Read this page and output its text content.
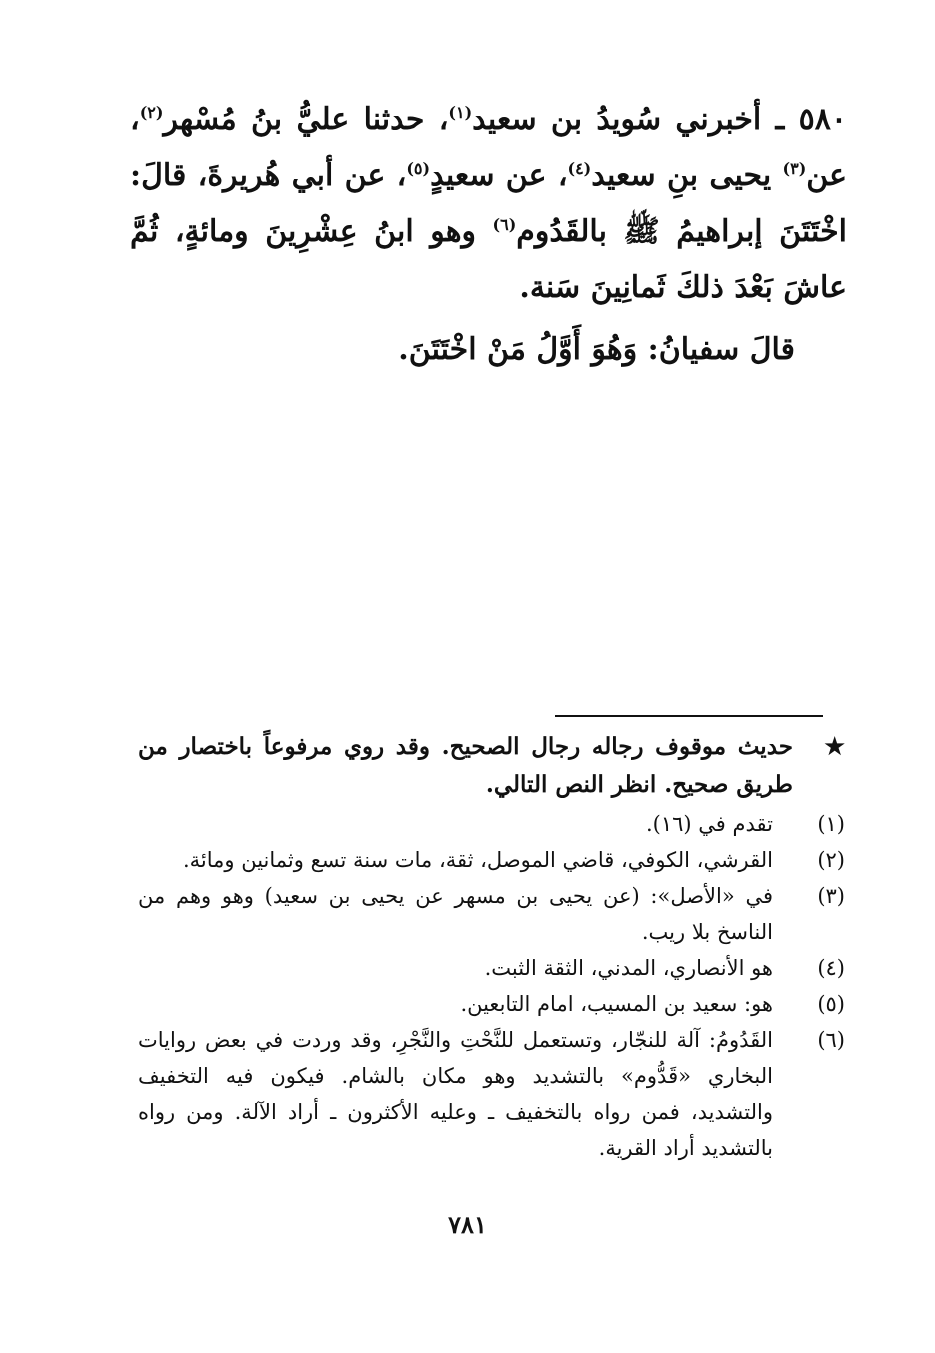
٥٨٠ ـ أخبرني سُويدُ بن سعيد$^{(١)}$، حدثنا عليُّ بنُ مُسْهر$^{(٢)}$، عن$^{(٣)}$ يحيى بنِ سعيد$^{(٤)}$، عن سعيدٍ$^{(٥)}$، عن أبي هُريرةَ، قالَ: اخْتَتَنَ إبراهيمُ ﷺ بالقَدُوم$^{(٦)}$ وهو ابنُ عِشْرِينَ ومائةٍ، ثُمَّ عاشَ بَعْدَ ذلكَ ثَمانِينَ سَنة.

قالَ سفيانُ: وَهُوَ أَوَّلُ مَنْ اخْتَتَنَ.

★
حديث موقوف رجاله رجال الصحيح. وقد روي مرفوعاً باختصار من طريق صحيح. انظر النص التالي.
(١)
تقدم في (١٦).
(٢)
القرشي، الكوفي، قاضي الموصل، ثقة، مات سنة تسع وثمانين ومائة.
(٣)
في «الأصل»: (عن يحيى بن مسهر عن يحيى بن سعيد) وهو وهم من الناسخ بلا ريب.
(٤)
هو الأنصاري، المدني، الثقة الثبت.
(٥)
هو: سعيد بن المسيب، امام التابعين.
(٦)
القَدُومُ: آلة للنجّار، وتستعمل للنَّحْتِ والنَّجْرِ، وقد وردت في بعض روايات البخاري «قَدُّوم» بالتشديد وهو مكان بالشام. فيكون فيه التخفيف والتشديد، فمن رواه بالتخفيف ـ وعليه الأكثرون ـ أراد الآلة. ومن رواه بالتشديد أراد القرية.
٧٨١
